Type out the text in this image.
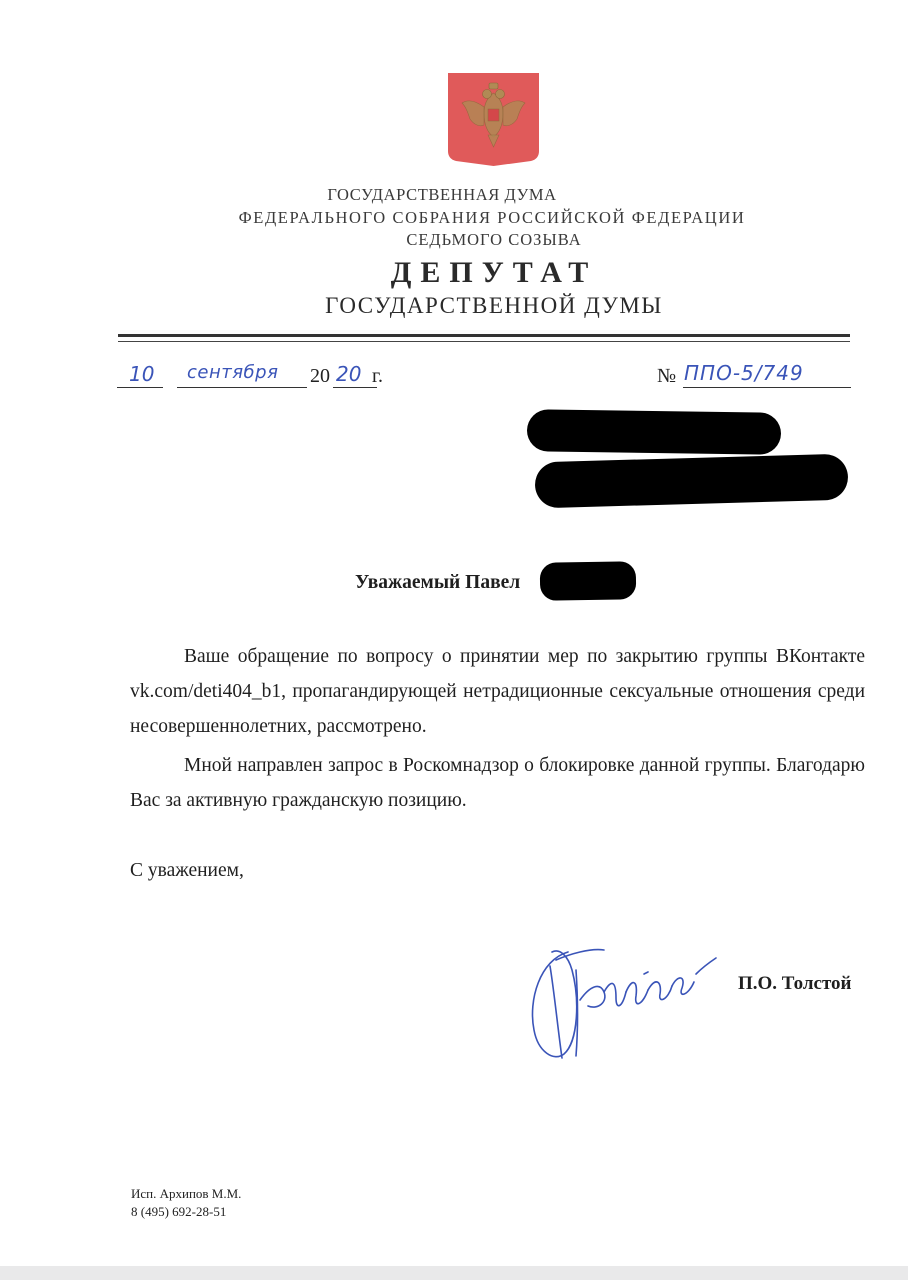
ГОСУДАРСТВЕННАЯ ДУМА
ФЕДЕРАЛЬНОГО СОБРАНИЯ РОССИЙСКОЙ ФЕДЕРАЦИИ
СЕДЬМОГО СОЗЫВА
ДЕПУТАТ
ГОСУДАРСТВЕННОЙ ДУМЫ
10 сентября 20 20 г.	№ ППО-5/749
Уважаемый Павел
Ваше обращение по вопросу о принятии мер по закрытию группы ВКонтакте vk.com/deti404_b1, пропагандирующей нетрадиционные сексуальные отношения среди несовершеннолетних, рассмотрено.
Мной направлен запрос в Роскомнадзор о блокировке данной группы. Благодарю Вас за активную гражданскую позицию.
С уважением,
П.О. Толстой
Исп. Архипов М.М.
8 (495) 692-28-51
